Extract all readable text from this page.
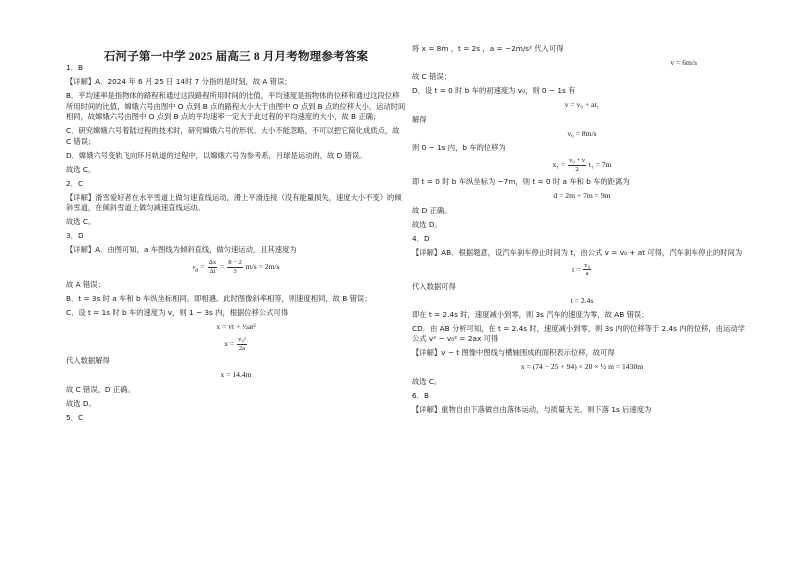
石河子第一中学 2025 届高三 8 月月考物理参考答案
1．B
【详解】A．2024 年 6 月 25 日 14时 7 分指的是时刻，故 A 错误；
B．平均速率是指物体的路程和通过这段路程所用时间的比值，平均速度是指物体的位移和通过这段位移所用时间的比值，嫦娥六号由图中 O 点到 B 点的路程大小大于由图中 O 点到 B 点的位移大小，运动时间相同，故嫦娥六号由图中 O 点到 B 点的平均速率一定大于此过程的平均速度的大小，故 B 正确；
C．研究嫦娥六号着陆过程的技术时，研究嫦娥六号的形状、大小不能忽略，不可以把它简化成质点，故 C 错误；
D．嫦娥六号变轨飞向环月轨道的过程中，以嫦娥六号为参考系，月球是运动的，故 D 错误。
故选 C。
2．C
【详解】滑雪爱好者在水平雪道上做匀速直线运动，滑上平滑连接（没有能量损失，速度大小不变）的倾斜雪道，在倾斜雪道上做匀减速直线运动。
故选 C。
3．D
【详解】A．由图可知，a 车图线为倾斜直线，做匀速运动，且其速度为
$v_a = \frac{\Delta x}{\Delta t} = \frac{8 - 2}{3} m/s = 2m/s$
故 A 错误；
B．t = 3s 时 a 车和 b 车纵坐标相同，即相遇。此时图像斜率相等，则速度相同，故 B 错误；
C．设 t = 1s 时 b 车的速度为 v，则 1 ~ 3s 内，根据位移公式可得
x = vt + ½at²
$x = \frac{\text{v₀²}}{2a}$
代入数据解得
x = 14.4m
故 C 错误，D 正确。
故选 D。
5．C
将 x = 8m ，t = 2s ，a = −2m/s² 代入可得
v = 6m/s
故 C 错误；
D．设 t = 0 时 b 车的初速度为 v₀，则 0 ~ 1s 有
v = v₀ + at₁
解得
v₀ = 8m/s
则 0 ~ 1s 内，b 车的位移为
$x_1 = \frac{\text{v₀ + v}}{2} t_1 = 7m$
即 t = 0 时 b 车纵坐标为 −7m，则 t = 0 时 a 车和 b 车的距离为
d = 2m + 7m = 9m
故 D 正确。
故选 D。
4．D
【详解】AB．根据题意，设汽车刹车停止时间为 t，由公式 v = v₀ + at 可得，汽车刹车停止的时间为
$t = \frac{\text{v₀}}{a}$
代入数据可得
t = 2.4s
即在 t = 2.4s 时，速度减小到零，则 3s 汽车的速度为零，故 AB 错误；
CD．由 AB 分析可知，在 t = 2.4s 时，速度减小到零，则 3s 内的位移等于 2.4s 内的位移，由运动学公式 v² − v₀² = 2ax 可得
【详解】v − t 图像中图线与横轴围成的面积表示位移，故可得
x = (74 − 25 + 94) × 20 × ½ m = 1430m
故选 C。
6．B
【详解】重物自由下落做自由落体运动，与质量无关，则下落 1s 后速度为
